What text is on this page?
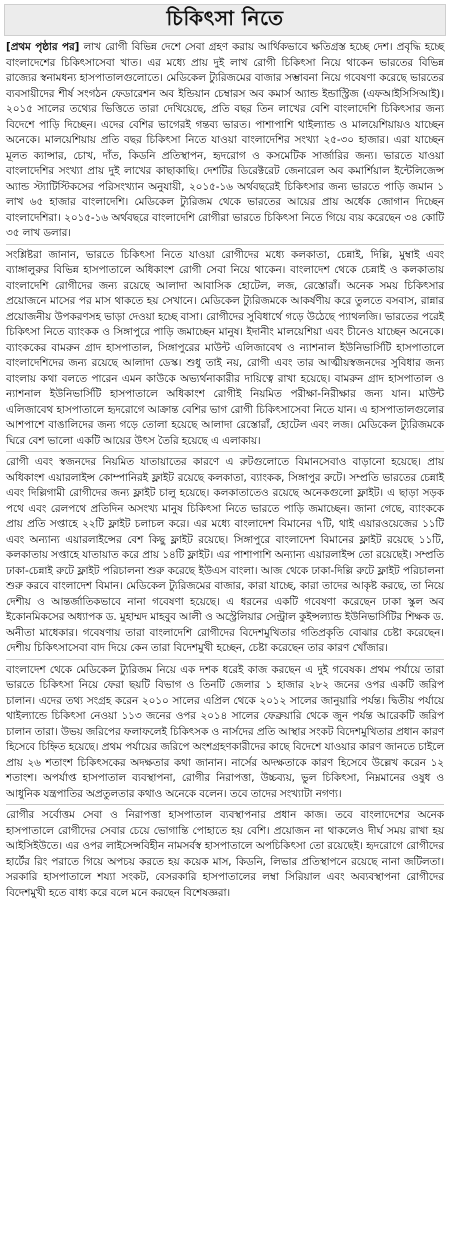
চিকিৎসা নিতে

[প্রথম পৃষ্ঠার পর] লাখ রোগী বিভিন্ন দেশে সেবা গ্রহণ করায় আর্থিকভাবে ক্ষতিগ্রস্ত হচ্ছে দেশ। প্রবৃদ্ধি হচ্ছে বাংলাদেশের চিকিৎসাসেবা খাত। এর মধ্যে প্রায় দুই লাখ রোগী চিকিৎসা নিয়ে থাকেন ভারতের বিভিন্ন রাজ্যের স্বনামধন্য হাসপাতালগুলোতে। মেডিকেল ট্যুরিজমের বাজার সম্ভাবনা নিয়ে গবেষণা করেছে ভারতের ব্যবসায়ীদের শীর্ষ সংগঠন ফেডারেশন অব ইন্ডিয়ান চেম্বারস অব কমার্স অ্যান্ড ইন্ডাস্ট্রিজ (এফআইসিসিআই)। ২০১৫ সালের তথ্যের ভিত্তিতে তারা দেখিয়েছে, প্রতি বছর তিন লাখের বেশি বাংলাদেশি চিকিৎসার জন্য বিদেশে পাড়ি দিচ্ছেন। এদের বেশির ভাগেরই গন্তব্য ভারত। পাশাপাশি থাইল্যান্ড ও মালয়েশিয়ায়ও যাচ্ছেন অনেকে। মালয়েশিয়ায় প্রতি বছর চিকিৎসা নিতে যাওয়া বাংলাদেশির সংখ্যা ২৫-৩০ হাজার। এরা যাচ্ছেন মূলত ক্যান্সার, চোখ, দাঁত, কিডনি প্রতিস্থাপন, হৃদরোগ ও কসমেটিক সার্জারির জন্য। ভারতে যাওয়া বাংলাদেশির সংখ্যা প্রায় দুই লাখের কাছাকাছি। দেশটির ডিরেক্টরেট জেনারেল অব কমার্শিয়াল ইন্টেলিজেন্স অ্যান্ড স্ট্যাটিস্টিকসের পরিসংখ্যান অনুযায়ী, ২০১৫-১৬ অর্থবছরেই চিকিৎসার জন্য ভারতে পাড়ি জমান ১ লাখ ৬৫ হাজার বাংলাদেশি। মেডিকেল ট্যুরিজম থেকে ভারতের আয়ের প্রায় অর্ধেক জোগান দিচ্ছেন বাংলাদেশিরা। ২০১৫-১৬ অর্থবছরে বাংলাদেশি রোগীরা ভারতে চিকিৎসা নিতে গিয়ে ব্যয় করেছেন ৩৪ কোটি ৩৫ লাখ ডলার।

সংশ্লিষ্টরা জানান, ভারতে চিকিৎসা নিতে যাওয়া রোগীদের মধ্যে কলকাতা, চেন্নাই, দিল্লি, মুম্বাই এবং ব্যাঙ্গালুরুর বিভিন্ন হাসপাতালে অধিকাংশ রোগী সেবা নিয়ে থাকেন। বাংলাদেশ থেকে চেন্নাই ও কলকাতায় বাংলাদেশি রোগীদের জন্য রয়েছে আলাদা আবাসিক হোটেল, লজ, রেস্তোরাঁ। অনেক সময় চিকিৎসার প্রয়োজনে মাসের পর মাস থাকতে হয় সেখানে। মেডিকেল ট্যুরিজমকে আকর্ষণীয় করে তুলতে বসবাস, রান্নার প্রয়োজনীয় উপকরণসহ ভাড়া দেওয়া হচ্ছে বাসা। রোগীদের সুবিধার্থে গড়ে উঠেছে প্যাথলজি। ভারতের পরেই চিকিৎসা নিতে ব্যাংকক ও সিঙ্গাপুরে পাড়ি জমাচ্ছেন মানুষ। ইদানীং মালয়েশিয়া এবং চীনেও যাচ্ছেন অনেকে। ব্যাংককের বামরুন গ্রাদ হাসপাতাল, সিঙ্গাপুরের মাউন্ট এলিজাবেথ ও ন্যাশনাল ইউনিভার্সিটি হাসপাতালে বাংলাদেশিদের জন্য রয়েছে আলাদা ডেস্ক। শুধু তাই নয়, রোগী এবং তার আত্মীয়স্বজনদের সুবিধার জন্য বাংলায় কথা বলতে পারেন এমন কাউকে অভ্যর্থনাকারীর দায়িত্বে রাখা হয়েছে। বামরুন গ্রাদ হাসপাতাল ও ন্যাশনাল ইউনিভার্সিটি হাসপাতালে অধিকাংশ রোগীই নিয়মিত পরীক্ষা-নিরীক্ষার জন্য যান। মাউন্ট এলিজাবেথ হাসপাতালে হৃদরোগে আক্রান্ত বেশির ভাগ রোগী চিকিৎসাসেবা নিতে যান। এ হাসপাতালগুলোর আশপাশে বাঙালিদের জন্য গড়ে তোলা হয়েছে আলাদা রেস্তোরাঁ, হোটেল এবং লজ। মেডিকেল ট্যুরিজমকে ঘিরে বেশ ভালো একটি আয়ের উৎস তৈরি হয়েছে এ এলাকায়।

রোগী এবং স্বজনদের নিয়মিত যাতায়াতের কারণে এ রুটগুলোতে বিমানসেবাও বাড়ানো হয়েছে। প্রায় অধিকাংশ এয়ারলাইন্স কোম্পানিরই ফ্লাইট রয়েছে কলকাতা, ব্যাংকক, সিঙ্গাপুর রুটে। সম্প্রতি ভারতের চেন্নাই এবং দিল্লিগামী রোগীদের জন্য ফ্লাইট চালু হয়েছে। কলকাতাতেও রয়েছে অনেকগুলো ফ্লাইট। এ ছাড়া সড়ক পথে এবং রেলপথে প্রতিদিন অসংখ্য মানুষ চিকিৎসা নিতে ভারতে পাড়ি জমাচ্ছেন। জানা গেছে, ব্যাংককে প্রায় প্রতি সপ্তাহে ২২টি ফ্লাইট চলাচল করে। এর মধ্যে বাংলাদেশ বিমানের ৭টি, থাই এয়ারওয়েজের ১১টি এবং অন্যান্য এয়ারলাইন্সের বেশ কিছু ফ্লাইট রয়েছে। সিঙ্গাপুরে বাংলাদেশ বিমানের ফ্লাইট রয়েছে ১১টি, কলকাতায় সপ্তাহে যাতায়াত করে প্রায় ১৪টি ফ্লাইট। এর পাশাপাশি অন্যান্য এয়ারলাইন্স তো রয়েছেই। সম্প্রতি ঢাকা-চেন্নাই রুটে ফ্লাইট পরিচালনা শুরু করেছে ইউএস বাংলা। আজ থেকে ঢাকা-দিল্লি রুটে ফ্লাইট পরিচালনা শুরু করবে বাংলাদেশ বিমান। মেডিকেল ট্যুরিজমের বাজার, কারা যাচ্ছে, কারা তাদের আকৃষ্ট করছে, তা নিয়ে দেশীয় ও আন্তর্জাতিকভাবে নানা গবেষণা হয়েছে। এ ধরনের একটি গবেষণা করেছেন ঢাকা স্কুল অব ইকোনমিকসের অধ্যাপক ড. মুহাম্মদ মাহবুব আলী ও অস্ট্রেলিয়ার সেন্ট্রাল কুইন্সল্যান্ড ইউনিভার্সিটির শিক্ষক ড. অনীতা মাধেকার। গবেষণায় তারা বাংলাদেশি রোগীদের বিদেশমুখিতার গতিপ্রকৃতি বোঝার চেষ্টা করেছেন। দেশীয় চিকিৎসাসেবা বাদ দিয়ে কেন তারা বিদেশমুখী হচ্ছেন, চেষ্টা করেছেন তার কারণ খোঁজার।

বাংলাদেশ থেকে মেডিকেল ট্যুরিজম নিয়ে এক দশক ধরেই কাজ করছেন এ দুই গবেষক। প্রথম পর্যায়ে তারা ভারতে চিকিৎসা নিয়ে ফেরা ছয়টি বিভাগ ও তিনটি জেলার ১ হাজার ২৮২ জনের ওপর একটি জরিপ চালান। এদের তথ্য সংগ্রহ করেন ২০১০ সালের এপ্রিল থেকে ২০১২ সালের জানুয়ারি পর্যন্ত। দ্বিতীয় পর্যায়ে থাইল্যান্ডে চিকিৎসা নেওয়া ১১৩ জনের ওপর ২০১৪ সালের ফেব্রুয়ারি থেকে জুন পর্যন্ত আরেকটি জরিপ চালান তারা। উভয় জরিপের ফলাফলেই চিকিৎসক ও নার্সদের প্রতি আস্থার সংকট বিদেশমুখিতার প্রধান কারণ হিসেবে চিহ্নিত হয়েছে। প্রথম পর্যায়ের জরিপে অংশগ্রহণকারীদের কাছে বিদেশে যাওয়ার কারণ জানতে চাইলে প্রায় ২৬ শতাংশ চিকিৎসকের অদক্ষতার কথা জানান। নার্সের অদক্ষতাকে কারণ হিসেবে উল্লেখ করেন ১২ শতাংশ। অপর্যাপ্ত হাসপাতাল ব্যবস্থাপনা, রোগীর নিরাপত্তা, উচ্চব্যয়, ভুল চিকিৎসা, নিম্নমানের ওষুধ ও আধুনিক যন্ত্রপাতির অপ্রতুলতার কথাও অনেকে বলেন। তবে তাদের সংখ্যাটা নগণ্য।

রোগীর সর্বোত্তম সেবা ও নিরাপত্তা হাসপাতাল ব্যবস্থাপনার প্রধান কাজ। তবে বাংলাদেশের অনেক হাসপাতালে রোগীদের সেবার চেয়ে ভোগান্তি পোহাতে হয় বেশি। প্রয়োজন না থাকলেও দীর্ঘ সময় রাখা হয় আইসিইউতে। এর ওপর লাইসেন্সবিহীন নামসর্বস্ব হাসপাতালে অপচিকিৎসা তো রয়েছেই। হৃদরোগে রোগীদের হার্টের রিং পরাতে গিয়ে অপচয় করতে হয় কয়েক মাস, কিডনি, লিভার প্রতিস্থাপনে রয়েছে নানা জটিলতা। সরকারি হাসপাতালে শয্যা সংকট, বেসরকারি হাসপাতালের লম্বা সিরিয়াল এবং অব্যবস্থাপনা রোগীদের বিদেশমুখী হতে বাধ্য করে বলে মনে করছেন বিশেষজ্ঞরা।
